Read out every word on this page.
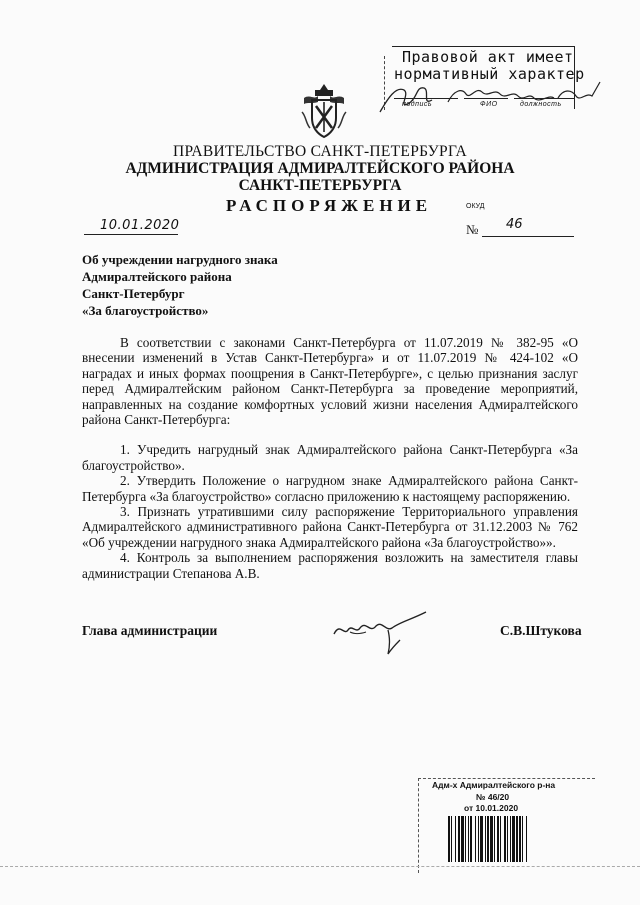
Правовой акт имеет
нормативный характер
подпись	ФИО	должность
ПРАВИТЕЛЬСТВО САНКТ-ПЕТЕРБУРГА
АДМИНИСТРАЦИЯ АДМИРАЛТЕЙСКОГО РАЙОНА
САНКТ-ПЕТЕРБУРГА
РАСПОРЯЖЕНИЕ	ОКУД
10.01.2020	№ 46
Об учреждении нагрудного знака
Адмиралтейского района
Санкт-Петербург
«За благоустройство»

В соответствии с законами Санкт-Петербурга от 11.07.2019 № 382-95 «О внесении изменений в Устав Санкт-Петербурга» и от 11.07.2019 № 424-102 «О наградах и иных формах поощрения в Санкт-Петербурге», с целью признания заслуг перед Адмиралтейским районом Санкт-Петербурга за проведение мероприятий, направленных на создание комфортных условий жизни населения Адмиралтейского района Санкт-Петербурга:

1. Учредить нагрудный знак Адмиралтейского района Санкт-Петербурга «За благоустройство».

2. Утвердить Положение о нагрудном знаке Адмиралтейского района Санкт-Петербурга «За благоустройство» согласно приложению к настоящему распоряжению.

3. Признать утратившими силу распоряжение Территориального управления Адмиралтейского административного района Санкт-Петербурга от 31.12.2003 № 762 «Об учреждении нагрудного знака Адмиралтейского района «За благоустройство»».

4. Контроль за выполнением распоряжения возложить на заместителя главы администрации Степанова А.В.

Глава администрации	С.В.Штукова
Адм-х Адмиралтейского р-на
№ 46/20
от 10.01.2020
